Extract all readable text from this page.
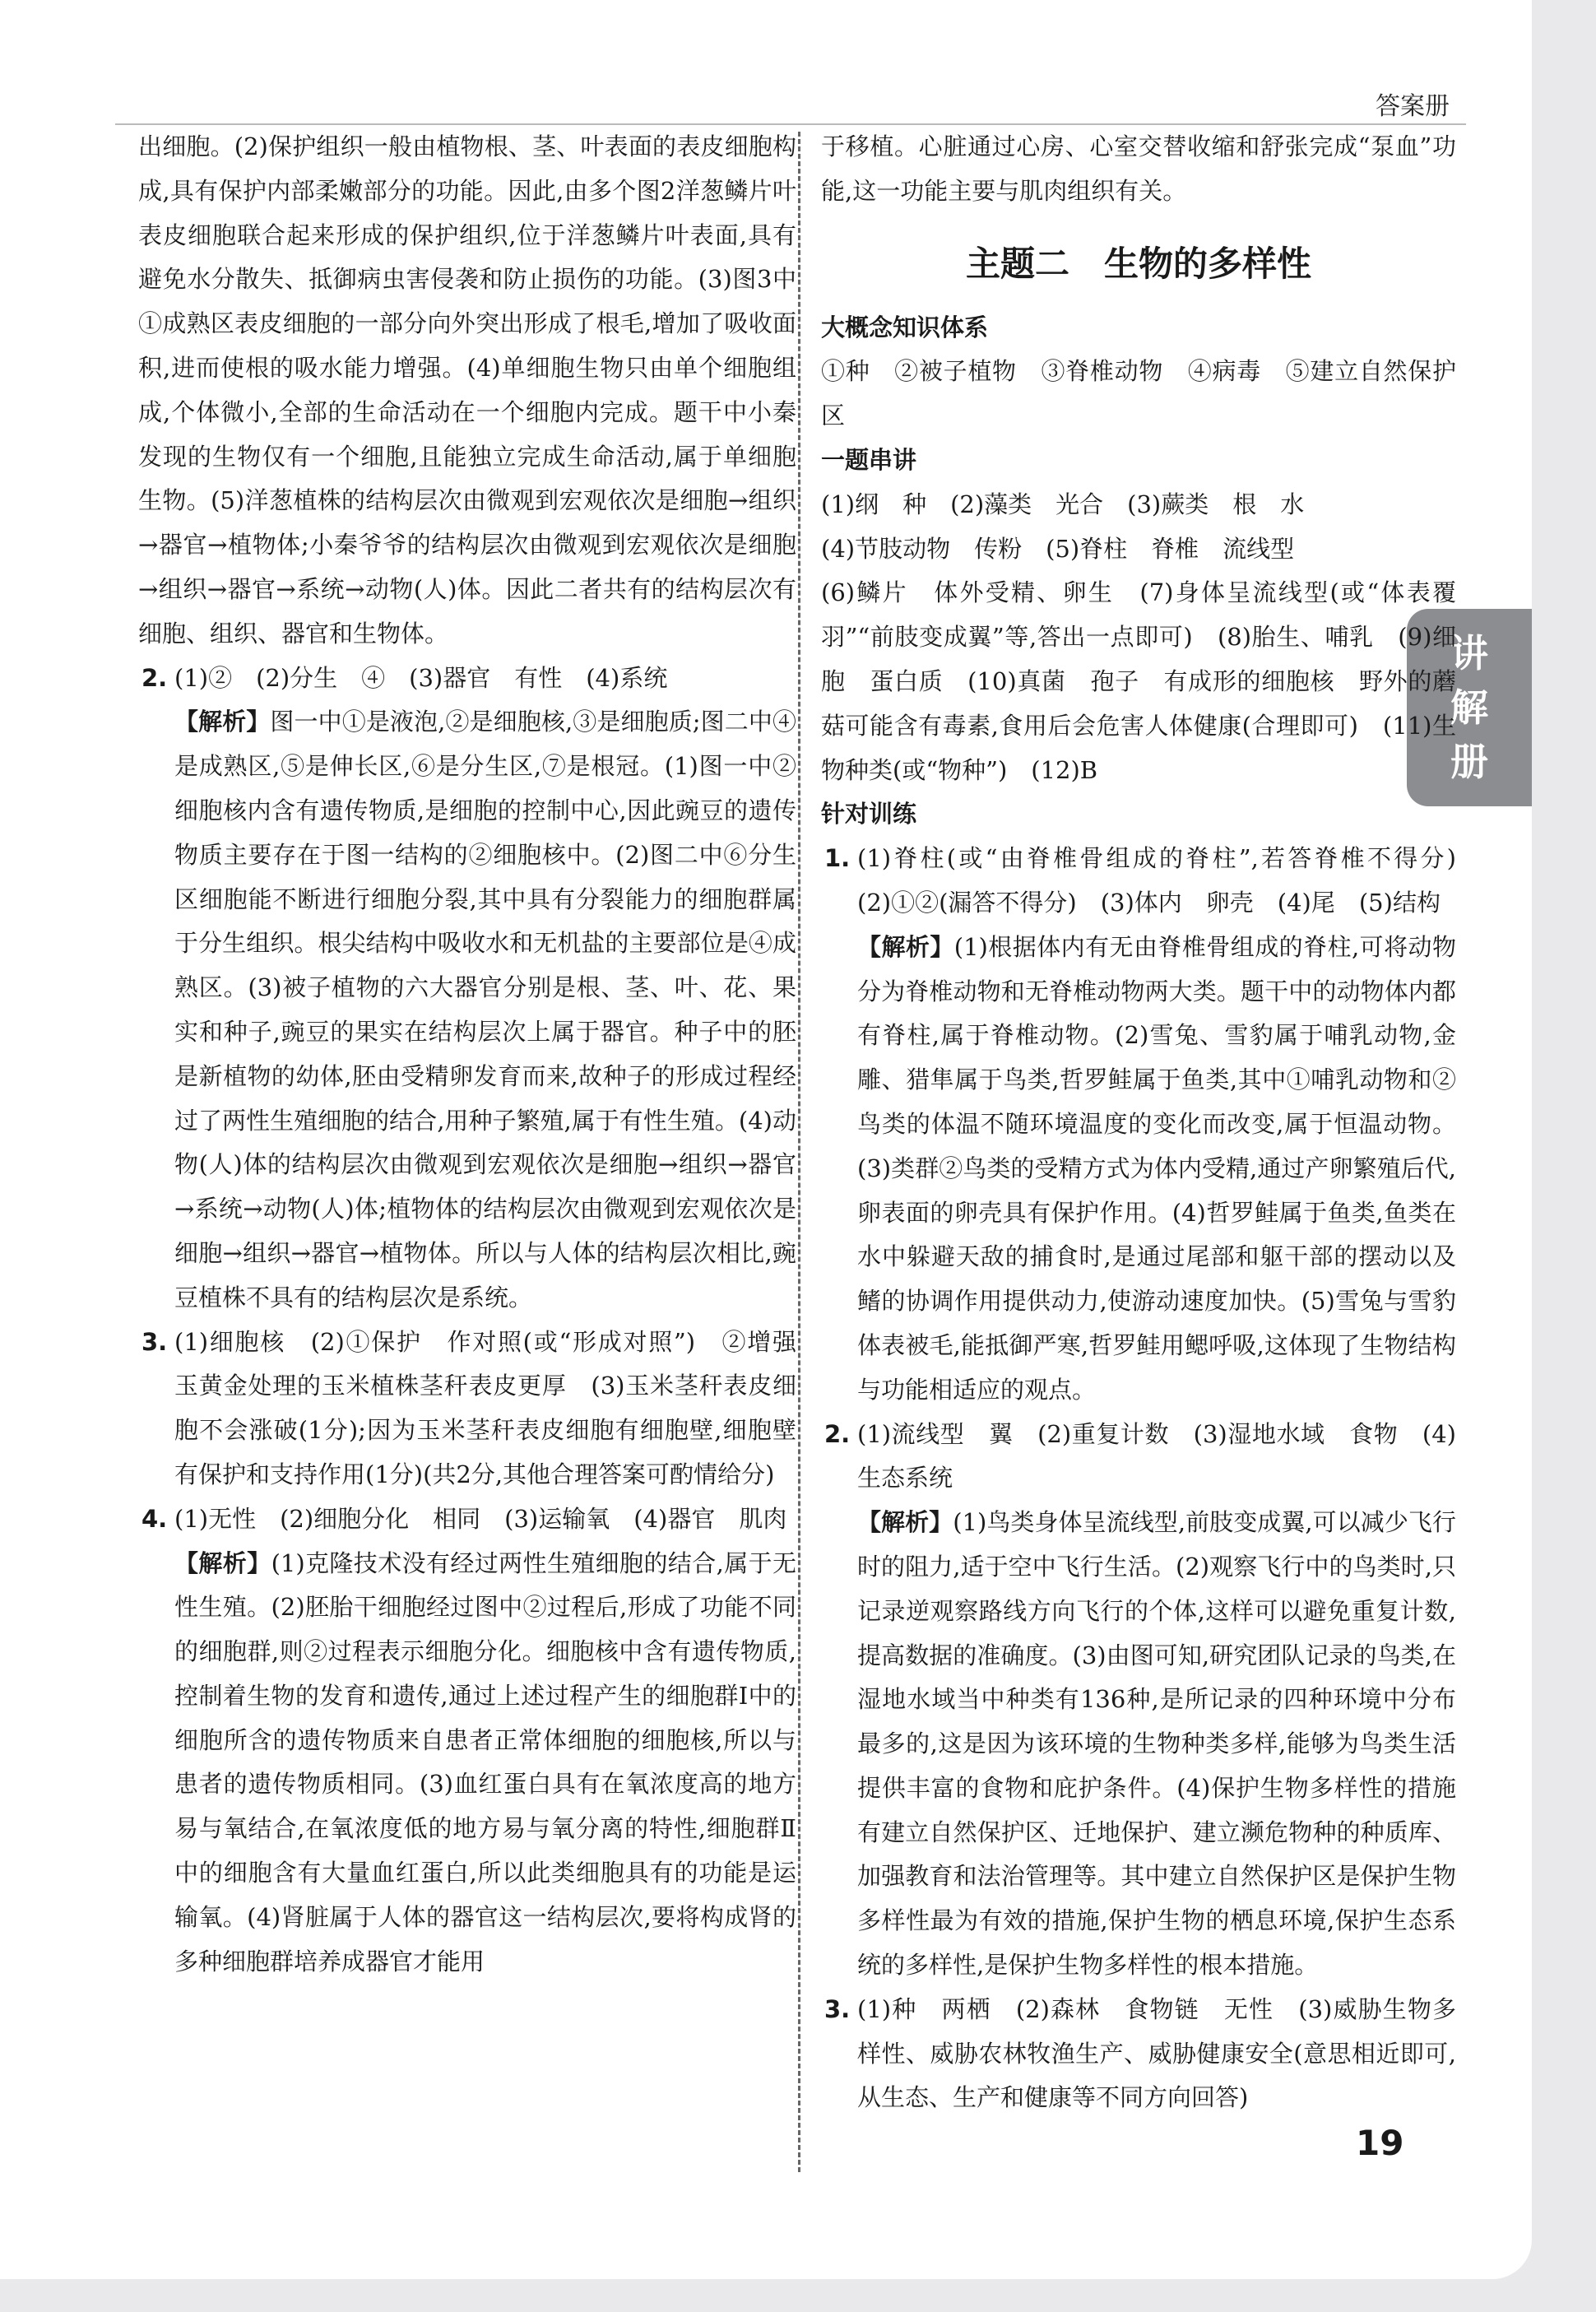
答案册
讲
解
册

出细胞。(2)保护组织一般由植物根、茎、叶表面的表皮细胞构成,具有保护内部柔嫩部分的功能。因此,由多个图2洋葱鳞片叶表皮细胞联合起来形成的保护组织,位于洋葱鳞片叶表面,具有避免水分散失、抵御病虫害侵袭和防止损伤的功能。(3)图3中①成熟区表皮细胞的一部分向外突出形成了根毛,增加了吸收面积,进而使根的吸水能力增强。(4)单细胞生物只由单个细胞组成,个体微小,全部的生命活动在一个细胞内完成。题干中小秦发现的生物仅有一个细胞,且能独立完成生命活动,属于单细胞生物。(5)洋葱植株的结构层次由微观到宏观依次是细胞→组织→器官→植物体;小秦爷爷的结构层次由微观到宏观依次是细胞→组织→器官→系统→动物(人)体。因此二者共有的结构层次有细胞、组织、器官和生物体。

2. (1)②　(2)分生　④　(3)器官　有性　(4)系统

【解析】图一中①是液泡,②是细胞核,③是细胞质;图二中④是成熟区,⑤是伸长区,⑥是分生区,⑦是根冠。(1)图一中②细胞核内含有遗传物质,是细胞的控制中心,因此豌豆的遗传物质主要存在于图一结构的②细胞核中。(2)图二中⑥分生区细胞能不断进行细胞分裂,其中具有分裂能力的细胞群属于分生组织。根尖结构中吸收水和无机盐的主要部位是④成熟区。(3)被子植物的六大器官分别是根、茎、叶、花、果实和种子,豌豆的果实在结构层次上属于器官。种子中的胚是新植物的幼体,胚由受精卵发育而来,故种子的形成过程经过了两性生殖细胞的结合,用种子繁殖,属于有性生殖。(4)动物(人)体的结构层次由微观到宏观依次是细胞→组织→器官→系统→动物(人)体;植物体的结构层次由微观到宏观依次是细胞→组织→器官→植物体。所以与人体的结构层次相比,豌豆植株不具有的结构层次是系统。

3. (1)细胞核　(2)①保护　作对照(或“形成对照”)　②增强　玉黄金处理的玉米植株茎秆表皮更厚　(3)玉米茎秆表皮细胞不会涨破(1分);因为玉米茎秆表皮细胞有细胞壁,细胞壁有保护和支持作用(1分)(共2分,其他合理答案可酌情给分)

4. (1)无性　(2)细胞分化　相同　(3)运输氧　(4)器官　肌肉

【解析】(1)克隆技术没有经过两性生殖细胞的结合,属于无性生殖。(2)胚胎干细胞经过图中②过程后,形成了功能不同的细胞群,则②过程表示细胞分化。细胞核中含有遗传物质,控制着生物的发育和遗传,通过上述过程产生的细胞群Ⅰ中的细胞所含的遗传物质来自患者正常体细胞的细胞核,所以与患者的遗传物质相同。(3)血红蛋白具有在氧浓度高的地方易与氧结合,在氧浓度低的地方易与氧分离的特性,细胞群Ⅱ中的细胞含有大量血红蛋白,所以此类细胞具有的功能是运输氧。(4)肾脏属于人体的器官这一结构层次,要将构成肾的多种细胞群培养成器官才能用

于移植。心脏通过心房、心室交替收缩和舒张完成“泵血”功能,这一功能主要与肌肉组织有关。

主题二　生物的多样性
大概念知识体系

①种　②被子植物　③脊椎动物　④病毒　⑤建立自然保护区

一题串讲

(1)纲　种　(2)藻类　光合　(3)蕨类　根　水

(4)节肢动物　传粉　(5)脊柱　脊椎　流线型

(6)鳞片　体外受精、卵生　(7)身体呈流线型(或“体表覆羽”“前肢变成翼”等,答出一点即可)　(8)胎生、哺乳　(9)细胞　蛋白质　(10)真菌　孢子　有成形的细胞核　野外的蘑菇可能含有毒素,食用后会危害人体健康(合理即可)　(11)生物种类(或“物种”)　(12)B

针对训练
1. (1)脊柱(或“由脊椎骨组成的脊柱”,若答脊椎不得分)　(2)①②(漏答不得分)　(3)体内　卵壳　(4)尾　(5)结构

【解析】(1)根据体内有无由脊椎骨组成的脊柱,可将动物分为脊椎动物和无脊椎动物两大类。题干中的动物体内都有脊柱,属于脊椎动物。(2)雪兔、雪豹属于哺乳动物,金雕、猎隼属于鸟类,哲罗鲑属于鱼类,其中①哺乳动物和②鸟类的体温不随环境温度的变化而改变,属于恒温动物。(3)类群②鸟类的受精方式为体内受精,通过产卵繁殖后代,卵表面的卵壳具有保护作用。(4)哲罗鲑属于鱼类,鱼类在水中躲避天敌的捕食时,是通过尾部和躯干部的摆动以及鳍的协调作用提供动力,使游动速度加快。(5)雪兔与雪豹体表被毛,能抵御严寒,哲罗鲑用鳃呼吸,这体现了生物结构与功能相适应的观点。

2. (1)流线型　翼　(2)重复计数　(3)湿地水域　食物　(4)生态系统

【解析】(1)鸟类身体呈流线型,前肢变成翼,可以减少飞行时的阻力,适于空中飞行生活。(2)观察飞行中的鸟类时,只记录逆观察路线方向飞行的个体,这样可以避免重复计数,提高数据的准确度。(3)由图可知,研究团队记录的鸟类,在湿地水域当中种类有136种,是所记录的四种环境中分布最多的,这是因为该环境的生物种类多样,能够为鸟类生活提供丰富的食物和庇护条件。(4)保护生物多样性的措施有建立自然保护区、迁地保护、建立濒危物种的种质库、加强教育和法治管理等。其中建立自然保护区是保护生物多样性最为有效的措施,保护生物的栖息环境,保护生态系统的多样性,是保护生物多样性的根本措施。

3. (1)种　两栖　(2)森林　食物链　无性　(3)威胁生物多样性、威胁农林牧渔生产、威胁健康安全(意思相近即可,从生态、生产和健康等不同方向回答)

19
